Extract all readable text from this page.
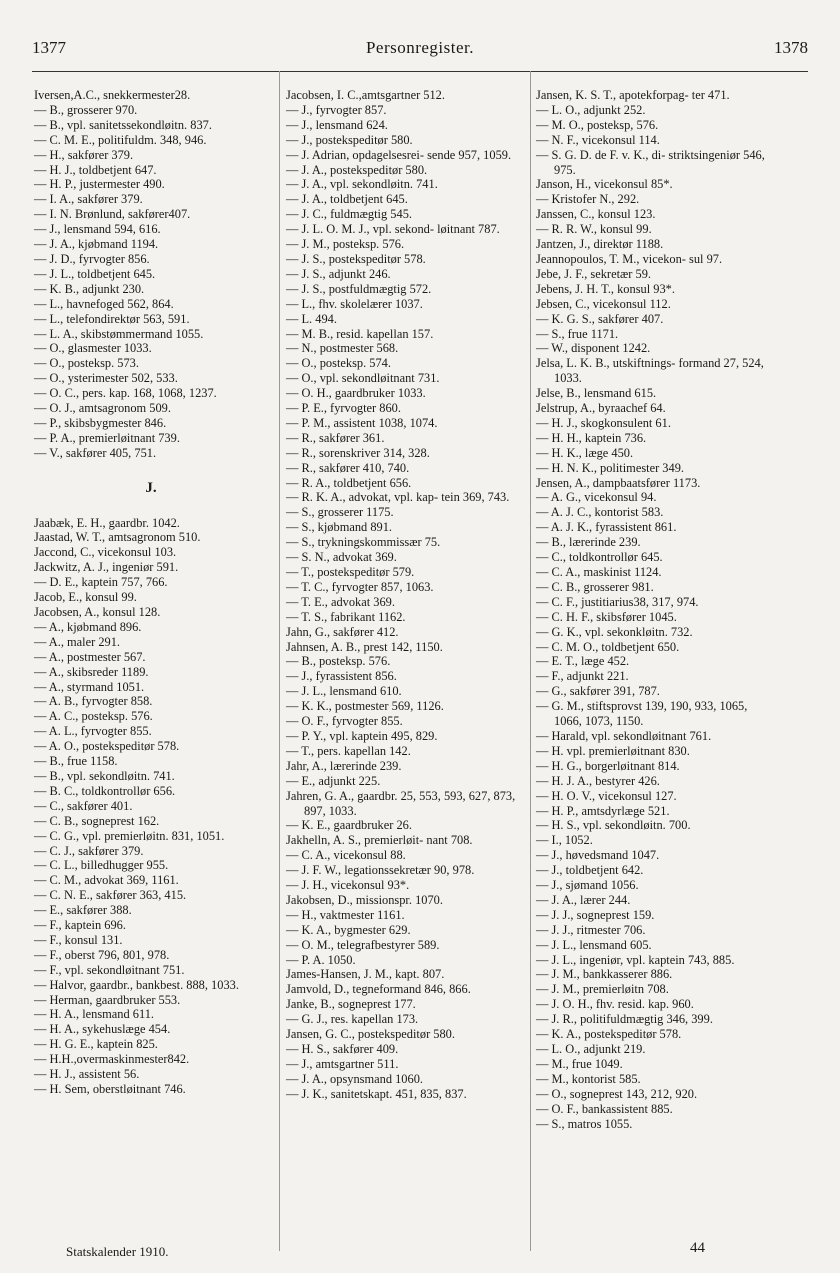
1377	Personregister.	1378
Iversen,A.C., snekkermester28.
— B., grosserer 970.
— B., vpl. sanitetssekondløitn. 837.
— C. M. E., politifuldm. 348, 946.
— H., sakfører 379.
— H. J., toldbetjent 647.
— H. P., justermester 490.
— I. A., sakfører 379.
— I. N. Brønlund, sakfører407.
— J., lensmand 594, 616.
— J. A., kjøbmand 1194.
— J. D., fyrvogter 856.
— J. L., toldbetjent 645.
— K. B., adjunkt 230.
— L., havnefoged 562, 864.
— L., telefondirektør 563, 591.
— L. A., skibstømmermand 1055.
— O., glasmester 1033.
— O., posteksp. 573.
— O., ysterimester 502, 533.
— O. C., pers. kap. 168, 1068, 1237.
— O. J., amtsagronom 509.
— P., skibsbygmester 846.
— P. A., premierløitnant 739.
— V., sakfører 405, 751.
J.
Jaabæk, E. H., gaardbr. 1042.
Jaastad, W. T., amtsagronom 510.
Jaccond, C., vicekonsul 103.
Jackwitz, A. J., ingeniør 591.
— D. E., kaptein 757, 766.
Jacob, E., konsul 99.
Jacobsen, A., konsul 128.
— A., kjøbmand 896.
— A., maler 291.
— A., postmester 567.
— A., skibsreder 1189.
— A., styrmand 1051.
— A. B., fyrvogter 858.
— A. C., posteksp. 576.
— A. L., fyrvogter 855.
— A. O., postekspeditør 578.
— B., frue 1158.
— B., vpl. sekondløitn. 741.
— B. C., toldkontrollør 656.
— C., sakfører 401.
— C. B., sogneprest 162.
— C. G., vpl. premierløitn. 831, 1051.
— C. J., sakfører 379.
— C. L., billedhugger 955.
— C. M., advokat 369, 1161.
— C. N. E., sakfører 363, 415.
— E., sakfører 388.
— F., kaptein 696.
— F., konsul 131.
— F., oberst 796, 801, 978.
— F., vpl. sekondløitnant 751.
— Halvor, gaardbr., bankbest. 888, 1033.
— Herman, gaardbruker 553.
— H. A., lensmand 611.
— H. A., sykehuslæge 454.
— H. G. E., kaptein 825.
— H.H.,overmaskinmester842.
— H. J., assistent 56.
— H. Sem, oberstløitnant 746.
Jacobsen, I. C.,amtsgartner 512.
— J., fyrvogter 857.
— J., lensmand 624.
— J., postekspeditør 580.
— J. Adrian, opdagelsesrei- sende 957, 1059.
— J. A., postekspeditør 580.
— J. A., vpl. sekondløitn. 741.
— J. A., toldbetjent 645.
— J. C., fuldmægtig 545.
— J. L. O. M. J., vpl. sekond- løitnant 787.
— J. M., posteksp. 576.
— J. S., postekspeditør 578.
— J. S., adjunkt 246.
— J. S., postfuldmægtig 572.
— L., fhv. skolelærer 1037.
— L. 494.
— M. B., resid. kapellan 157.
— N., postmester 568.
— O., posteksp. 574.
— O., vpl. sekondløitnant 731.
— O. H., gaardbruker 1033.
— P. E., fyrvogter 860.
— P. M., assistent 1038, 1074.
— R., sakfører 361.
— R., sorenskriver 314, 328.
— R., sakfører 410, 740.
— R. A., toldbetjent 656.
— R. K. A., advokat, vpl. kap- tein 369, 743.
— S., grosserer 1175.
— S., kjøbmand 891.
— S., trykningskommissær 75.
— S. N., advokat 369.
— T., postekspeditør 579.
— T. C., fyrvogter 857, 1063.
— T. E., advokat 369.
— T. S., fabrikant 1162.
Jahn, G., sakfører 412.
Jahnsen, A. B., prest 142, 1150.
— B., posteksp. 576.
— J., fyrassistent 856.
— J. L., lensmand 610.
— K. K., postmester 569, 1126.
— O. F., fyrvogter 855.
— P. Y., vpl. kaptein 495, 829.
— T., pers. kapellan 142.
Jahr, A., lærerinde 239.
— E., adjunkt 225.
Jahren, G. A., gaardbr. 25, 553, 593, 627, 873, 897, 1033.
— K. E., gaardbruker 26.
Jakhelln, A. S., premierløit- nant 708.
— C. A., vicekonsul 88.
— J. F. W., legationssekretær 90, 978.
— J. H., vicekonsul 93*.
Jakobsen, D., missionspr. 1070.
— H., vaktmester 1161.
— K. A., bygmester 629.
— O. M., telegrafbestyrer 589.
— P. A. 1050.
James-Hansen, J. M., kapt. 807.
Jamvold, D., tegneformand 846, 866.
Janke, B., sogneprest 177.
— G. J., res. kapellan 173.
Jansen, G. C., postekspeditør 580.
— H. S., sakfører 409.
— J., amtsgartner 511.
— J. A., opsynsmand 1060.
— J. K., sanitetskapt. 451, 835, 837.
Jansen, K. S. T., apotekforpag- ter 471.
— L. O., adjunkt 252.
— M. O., posteksp, 576.
— N. F., vicekonsul 114.
— S. G. D. de F. v. K., di- striktsingeniør 546, 975.
Janson, H., vicekonsul 85*.
— Kristofer N., 292.
Janssen, C., konsul 123.
— R. R. W., konsul 99.
Jantzen, J., direktør 1188.
Jeannopoulos, T. M., vicekon- sul 97.
Jebe, J. F., sekretær 59.
Jebens, J. H. T., konsul 93*.
Jebsen, C., vicekonsul 112.
— K. G. S., sakfører 407.
— S., frue 1171.
— W., disponent 1242.
Jelsa, L. K. B., utskiftnings- formand 27, 524, 1033.
Jelse, B., lensmand 615.
Jelstrup, A., byraachef 64.
— H. J., skogkonsulent 61.
— H. H., kaptein 736.
— H. K., læge 450.
— H. N. K., politimester 349.
Jensen, A., dampbaatsfører 1173.
— A. G., vicekonsul 94.
— A. J. C., kontorist 583.
— A. J. K., fyrassistent 861.
— B., lærerinde 239.
— C., toldkontrollør 645.
— C. A., maskinist 1124.
— C. B., grosserer 981.
— C. F., justitiarius38, 317, 974.
— C. H. F., skibsfører 1045.
— G. K., vpl. sekonkløitn. 732.
— C. M. O., toldbetjent 650.
— E. T., læge 452.
— F., adjunkt 221.
— G., sakfører 391, 787.
— G. M., stiftsprovst 139, 190, 933, 1065, 1066, 1073, 1150.
— Harald, vpl. sekondløitnant 761.
— H. vpl. premierløitnant 830.
— H. G., borgerløitnant 814.
— H. J. A., bestyrer 426.
— H. O. V., vicekonsul 127.
— H. P., amtsdyrlæge 521.
— H. S., vpl. sekondløitn. 700.
— I., 1052.
— J., høvedsmand 1047.
— J., toldbetjent 642.
— J., sjømand 1056.
— J. A., lærer 244.
— J. J., sogneprest 159.
— J. J., ritmester 706.
— J. L., lensmand 605.
— J. L., ingeniør, vpl. kaptein 743, 885.
— J. M., bankkasserer 886.
— J. M., premierløitn 708.
— J. O. H., fhv. resid. kap. 960.
— J. R., politifuldmægtig 346, 399.
— K. A., postekspeditør 578.
— L. O., adjunkt 219.
— M., frue 1049.
— M., kontorist 585.
— O., sogneprest 143, 212, 920.
— O. F., bankassistent 885.
— S., matros 1055.
Statskalender 1910.	44
